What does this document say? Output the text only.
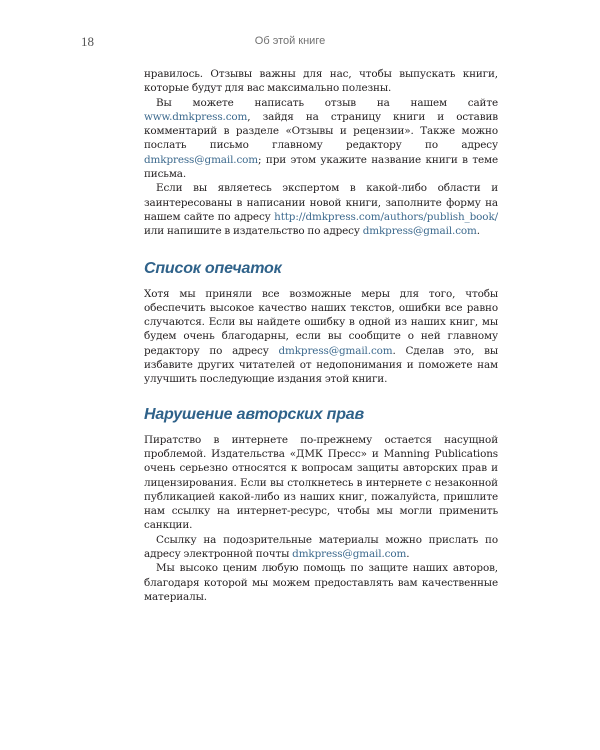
18	Об этой книге

нравилось. Отзывы важны для нас, чтобы выпускать книги, которые будут для вас максимально полезны.

Вы можете написать отзыв на нашем сайте www.dmkpress.com, зайдя на страницу книги и оставив комментарий в разделе «Отзывы и рецензии». Также можно послать письмо главному редактору по адресу dmkpress@gmail.com; при этом укажите название книги в теме письма.

Если вы являетесь экспертом в какой-либо области и заинтересованы в написании новой книги, заполните форму на нашем сайте по адресу http://dmkpress.com/authors/publish_book/ или напишите в издательство по адресу dmkpress@gmail.com.

Список опечаток

Хотя мы приняли все возможные меры для того, чтобы обеспечить высокое качество наших текстов, ошибки все равно случаются. Если вы найдете ошибку в одной из наших книг, мы будем очень благодарны, если вы сообщите о ней главному редактору по адресу dmkpress@gmail.com. Сделав это, вы избавите других читателей от недопонимания и поможете нам улучшить последующие издания этой книги.

Нарушение авторских прав

Пиратство в интернете по-прежнему остается насущной проблемой. Издательства «ДМК Пресс» и Manning Publications очень серьезно относятся к вопросам защиты авторских прав и лицензирования. Если вы столкнетесь в интернете с незаконной публикацией какой-либо из наших книг, пожалуйста, пришлите нам ссылку на интернет-ресурс, чтобы мы могли применить санкции.

Ссылку на подозрительные материалы можно прислать по адресу электронной почты dmkpress@gmail.com.

Мы высоко ценим любую помощь по защите наших авторов, благодаря которой мы можем предоставлять вам качественные материалы.
